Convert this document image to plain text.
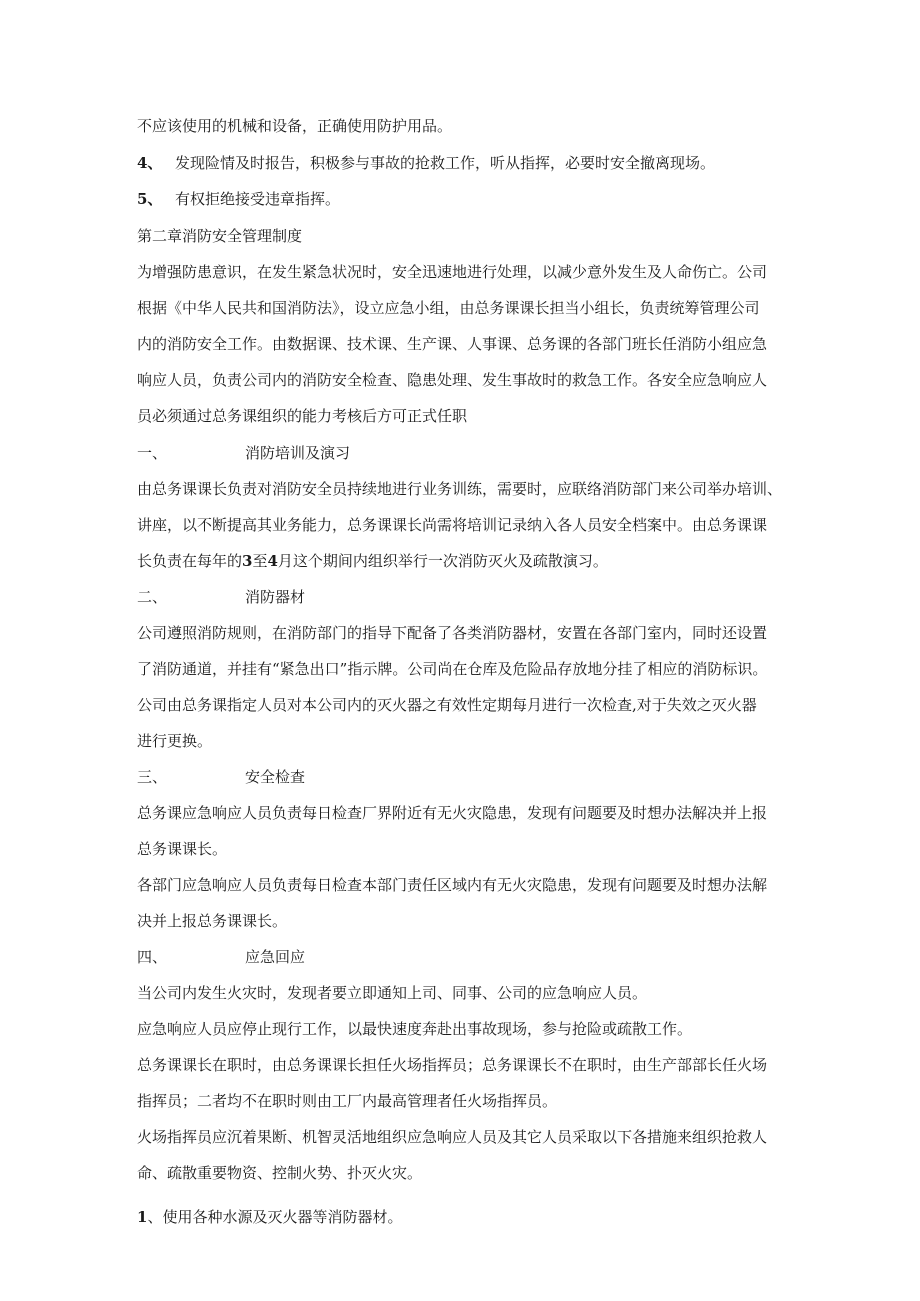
不应该使用的机械和设备，正确使用防护用品。
4、 发现险情及时报告，积极参与事故的抢救工作，听从指挥，必要时安全撤离现场。
5、 有权拒绝接受违章指挥。
第二章消防安全管理制度
为增强防患意识，在发生紧急状况时，安全迅速地进行处理，以减少意外发生及人命伤亡。公司
根据《中华人民共和国消防法》，设立应急小组，由总务课课长担当小组长，负责统筹管理公司
内的消防安全工作。由数据课、技术课、生产课、人事课、总务课的各部门班长任消防小组应急
响应人员，负责公司内的消防安全检查、隐患处理、发生事故时的救急工作。各安全应急响应人
员必须通过总务课组织的能力考核后方可正式任职
一、	消防培训及演习
由总务课课长负责对消防安全员持续地进行业务训练，需要时，应联络消防部门来公司举办培训、
讲座，以不断提高其业务能力，总务课课长尚需将培训记录纳入各人员安全档案中。由总务课课
长负责在每年的3至4月这个期间内组织举行一次消防灭火及疏散演习。
二、	消防器材
公司遵照消防规则，在消防部门的指导下配备了各类消防器材，安置在各部门室内，同时还设置
了消防通道，并挂有“紧急出口”指示牌。公司尚在仓库及危险品存放地分挂了相应的消防标识。
公司由总务课指定人员对本公司内的灭火器之有效性定期每月进行一次检查,对于失效之灭火器
进行更换。
三、	安全检查
总务课应急响应人员负责每日检查厂界附近有无火灾隐患，发现有问题要及时想办法解决并上报
总务课课长。
各部门应急响应人员负责每日检查本部门责任区域内有无火灾隐患，发现有问题要及时想办法解
决并上报总务课课长。
四、	应急回应
当公司内发生火灾时，发现者要立即通知上司、同事、公司的应急响应人员。
应急响应人员应停止现行工作，以最快速度奔赴出事故现场，参与抢险或疏散工作。
总务课课长在职时，由总务课课长担任火场指挥员；总务课课长不在职时，由生产部部长任火场
指挥员；二者均不在职时则由工厂内最高管理者任火场指挥员。
火场指挥员应沉着果断、机智灵活地组织应急响应人员及其它人员采取以下各措施来组织抢救人
命、疏散重要物资、控制火势、扑灭火灾。
1、使用各种水源及灭火器等消防器材。
